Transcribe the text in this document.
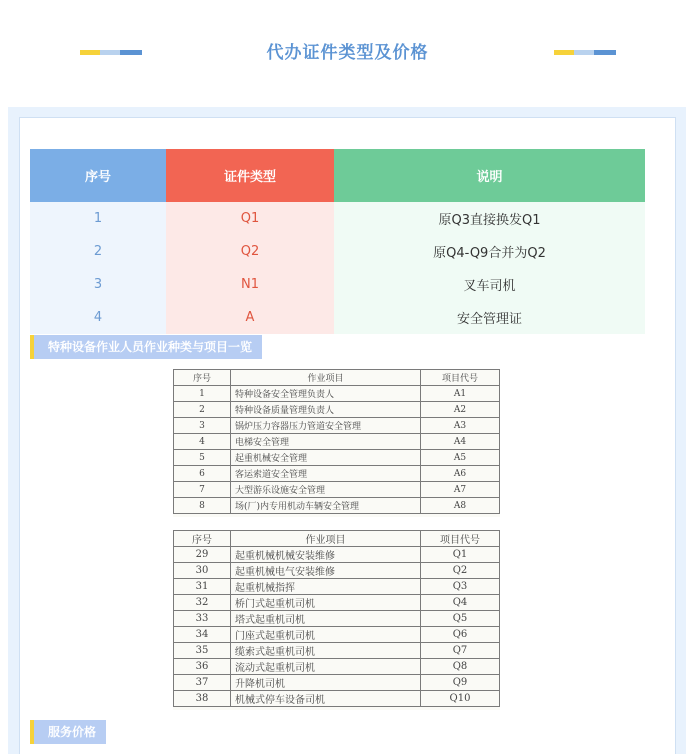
代办证件类型及价格
序号	证件类型	说明
1	Q1	原Q3直接换发Q1
2	Q2	原Q4-Q9合并为Q2
3	N1	叉车司机
4	A	安全管理证
特种设备作业人员作业种类与项目一览
序号	作业项目	项目代号
1	特种设备安全管理负责人	A1
2	特种设备质量管理负责人	A2
3	锅炉压力容器压力管道安全管理	A3
4	电梯安全管理	A4
5	起重机械安全管理	A5
6	客运索道安全管理	A6
7	大型游乐设施安全管理	A7
8	场(厂)内专用机动车辆安全管理	A8
序号	作业项目	项目代号
29	起重机械机械安装维修	Q1
30	起重机械电气安装维修	Q2
31	起重机械指挥	Q3
32	桥门式起重机司机	Q4
33	塔式起重机司机	Q5
34	门座式起重机司机	Q6
35	缆索式起重机司机	Q7
36	流动式起重机司机	Q8
37	升降机司机	Q9
38	机械式停车设备司机	Q10
服务价格
